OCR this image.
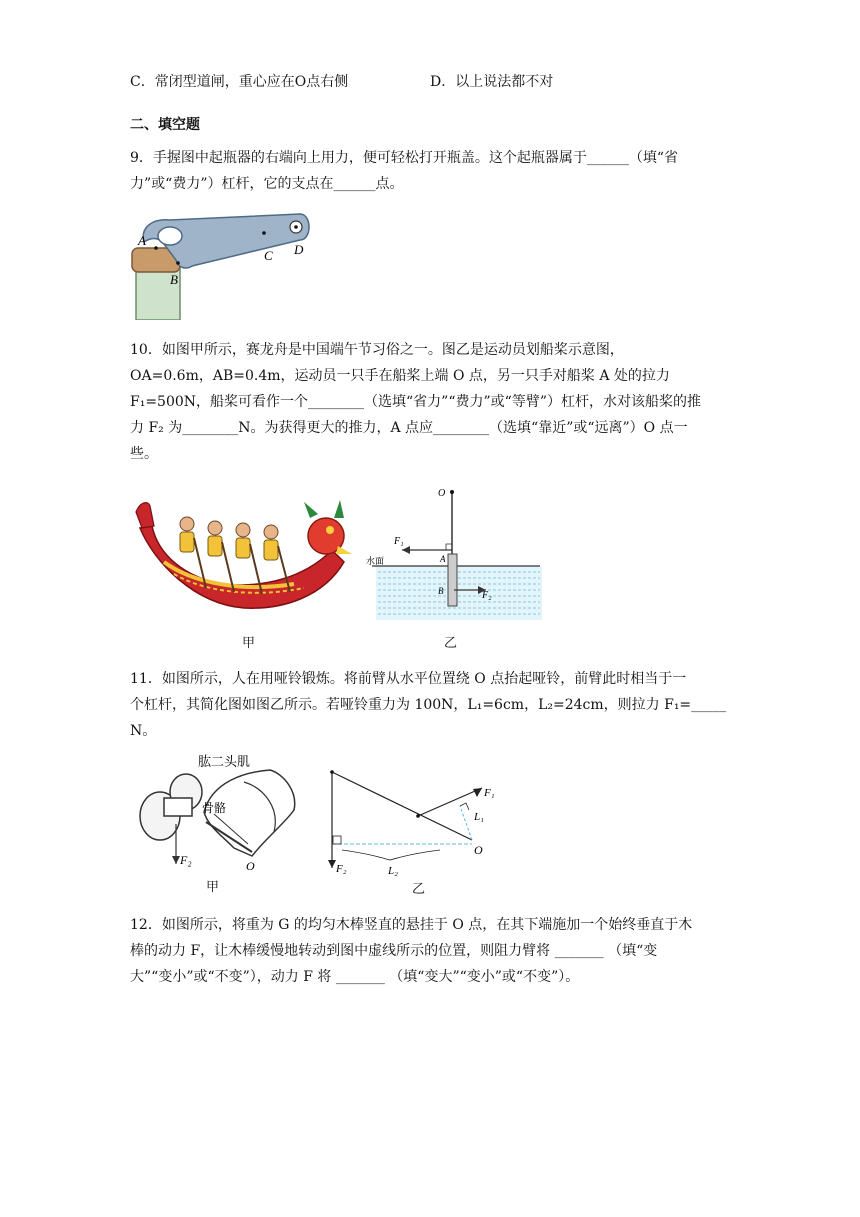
C．常闭型道闸，重心应在O点右侧	D．以上说法都不对
二、填空题
9．手握图中起瓶器的右端向上用力，便可轻松打开瓶盖。这个起瓶器属于______（填“省
力”或“费力”）杠杆，它的支点在______点。
A
B
C D
10．如图甲所示，赛龙舟是中国端午节习俗之一。图乙是运动员划船桨示意图，
OA=0.6m，AB=0.4m，运动员一只手在船桨上端 O 点，另一只手对船桨 A 处的拉力
F₁=500N，船桨可看作一个________（选填“省力”“费力”或“等臂”）杠杆，水对该船桨的推
力 F₂ 为________N。为获得更大的推力，A 点应________（选填“靠近”或“远离”）O 点一
些。
甲
O
F₁
A
水面
B	F₂
乙
11．如图所示，人在用哑铃锻炼。将前臂从水平位置绕 O 点抬起哑铃，前臂此时相当于一
个杠杆，其简化图如图乙所示。若哑铃重力为 100N，L₁=6cm，L₂=24cm，则拉力 F₁=_____
N。
肱二头肌
骨骼
O
F₂
甲
F₁
L₁
O
F₂	L₂
乙
12．如图所示，将重为 G 的均匀木棒竖直的悬挂于 O 点，在其下端施加一个始终垂直于木
棒的动力 F，让木棒缓慢地转动到图中虚线所示的位置，则阻力臂将 _______ （填“变
大”“变小”或“不变”），动力 F 将 _______ （填“变大”“变小”或“不变”）。
